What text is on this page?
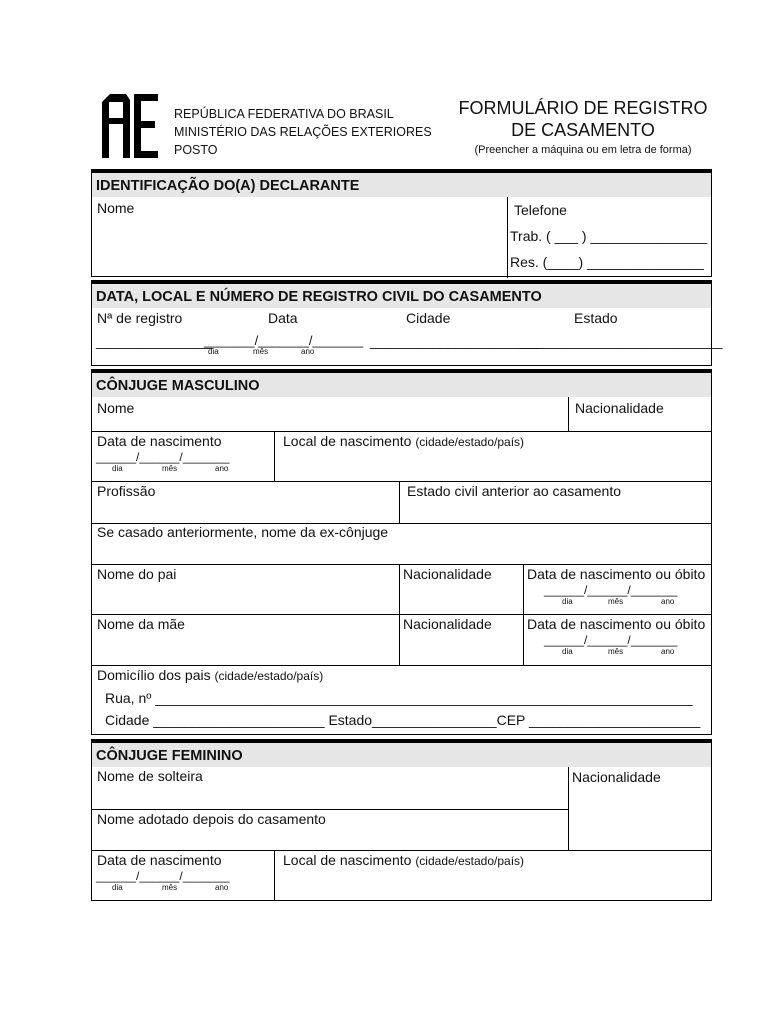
REPÚBLICA FEDERATIVA DO BRASIL
MINISTÉRIO DAS RELAÇÕES EXTERIORES
POSTO
FORMULÁRIO DE REGISTRO
DE CASAMENTO
(Preencher a máquina ou em letra de forma)
IDENTIFICAÇÃO DO(A) DECLARANTE
Nome	Telefone
Trab. ( ___ ) _______________
Res. (____) _______________
DATA, LOCAL E NÚMERO DE REGISTRO CIVIL DO CASAMENTO
Nª de registro	Data	Cidade	Estado
_______________
_______/_______/_______
dia	mês	ano
______________________
__________________________
CÔNJUGE MASCULINO
Nome	Nacionalidade
Data de nascimento
______/______/_______
dia	mês	ano
Local de nascimento (cidade/estado/país)
Profissão	Estado civil anterior ao casamento
Se casado anteriormente, nome da ex-cônjuge
Nome do pai	Nacionalidade	Data de nascimento ou óbito
______/______/_______
dia	mês	ano
Nome da mãe	Nacionalidade	Data de nascimento ou óbito
______/______/_______
dia	mês	ano
Domicílio dos pais (cidade/estado/país)
Rua, nº _____________________________________________________________________
Cidade ______________________ Estado________________CEP ______________________
CÔNJUGE FEMININO
Nome de solteira	Nacionalidade
Nome adotado depois do casamento
Data de nascimento
______/______/_______
dia	mês	ano
Local de nascimento (cidade/estado/país)
